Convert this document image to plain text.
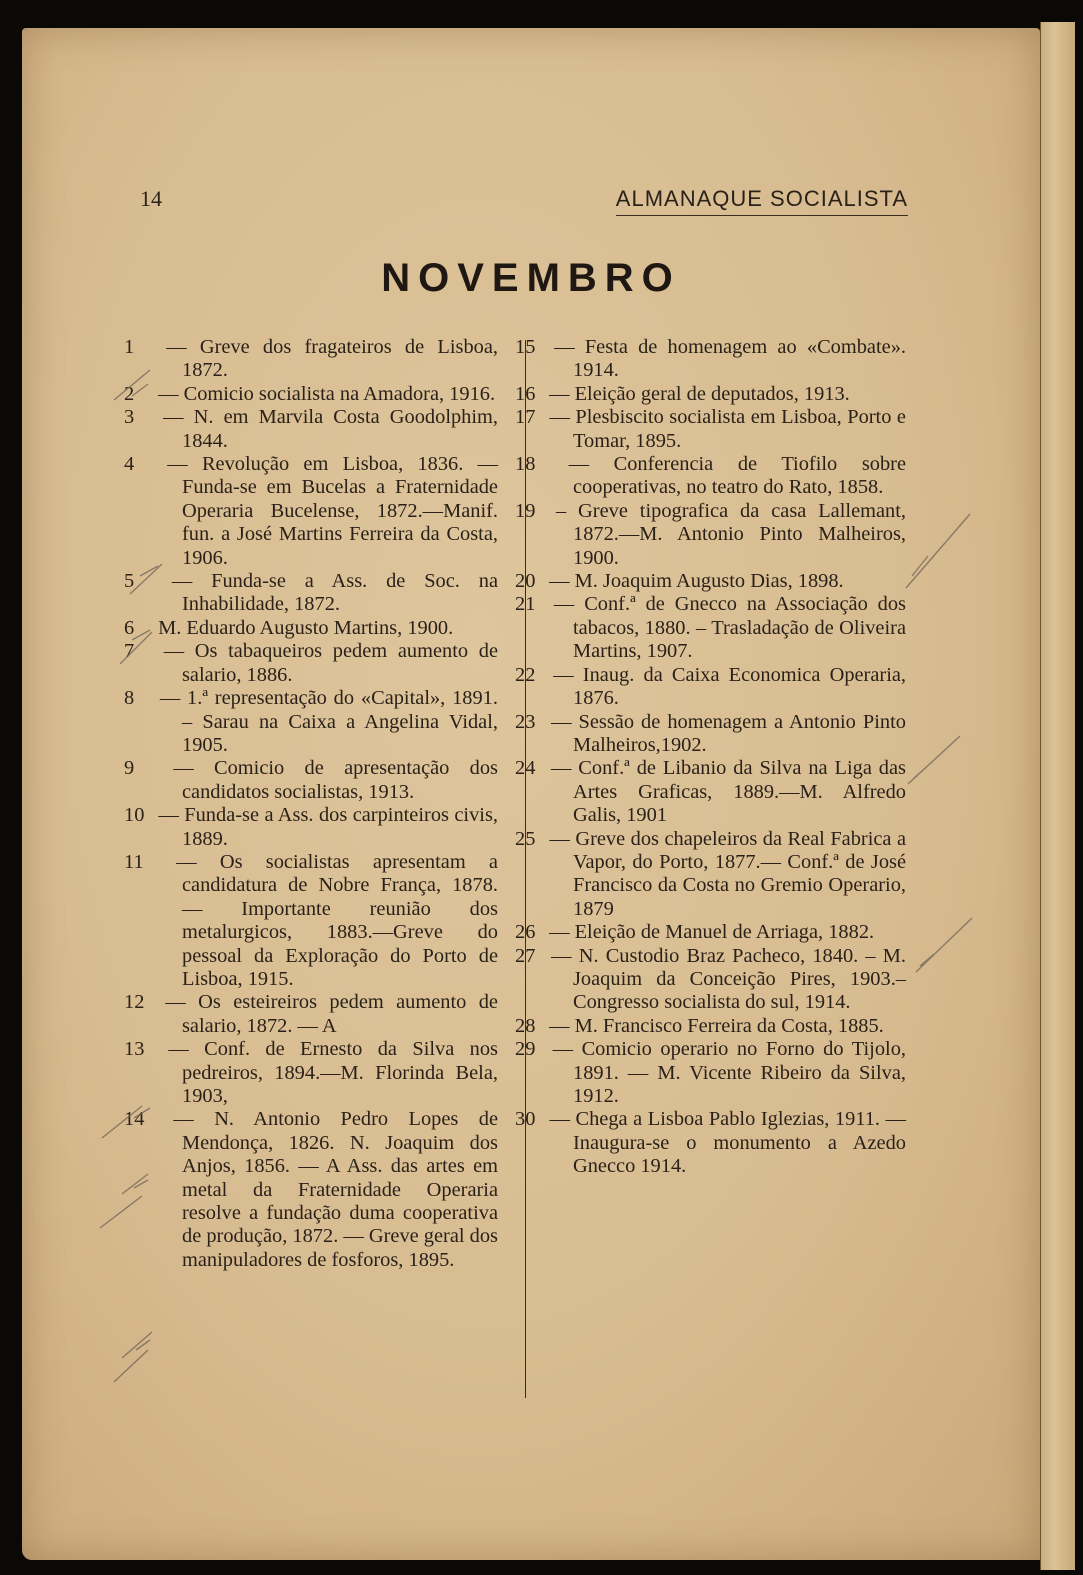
14	ALMANAQUE SOCIALISTA
NOVEMBRO

1 — Greve dos fragateiros de Lisboa, 1872.

2 — Comicio socialista na Amadora, 1916.

3 — N. em Marvila Costa Goodolphim, 1844.

4 — Revolução em Lisboa, 1836. — Funda-se em Bucelas a Fraternidade Operaria Bucelense, 1872.—Manif. fun. a José Martins Ferreira da Costa, 1906.

5 — Funda-se a Ass. de Soc. na Inhabilidade, 1872.

6 M. Eduardo Augusto Martins, 1900.

7 — Os tabaqueiros pedem aumento de salario, 1886.

8 — 1.ª representação do «Capital», 1891. – Sarau na Caixa a Angelina Vidal, 1905.

9 — Comicio de apresentação dos candidatos socialistas, 1913.

10 — Funda-se a Ass. dos carpinteiros civis, 1889.

11 — Os socialistas apresentam a candidatura de Nobre França, 1878. — Importante reunião dos metalurgicos, 1883.—Greve do pessoal da Exploração do Porto de Lisboa, 1915.

12 — Os esteireiros pedem aumento de salario, 1872. — A

13 — Conf. de Ernesto da Silva nos pedreiros, 1894.—M. Florinda Bela, 1903,

14 — N. Antonio Pedro Lopes de Mendonça, 1826. N. Joaquim dos Anjos, 1856. — A Ass. das artes em metal da Fraternidade Operaria resolve a fundação duma cooperativa de produção, 1872. — Greve geral dos manipuladores de fosforos, 1895.

15 — Festa de homenagem ao «Combate». 1914.

16 — Eleição geral de deputados, 1913.

17 — Plesbiscito socialista em Lisboa, Porto e Tomar, 1895.

18 — Conferencia de Tiofilo sobre cooperativas, no teatro do Rato, 1858.

19 – Greve tipografica da casa Lallemant, 1872.—M. Antonio Pinto Malheiros, 1900.

20 — M. Joaquim Augusto Dias, 1898.

21 — Conf.ª de Gnecco na Associação dos tabacos, 1880. – Trasladação de Oliveira Martins, 1907.

22 — Inaug. da Caixa Economica Operaria, 1876.

23 — Sessão de homenagem a Antonio Pinto Malheiros,1902.

24 — Conf.ª de Libanio da Silva na Liga das Artes Graficas, 1889.—M. Alfredo Galis, 1901

25 — Greve dos chapeleiros da Real Fabrica a Vapor, do Porto, 1877.— Conf.ª de José Francisco da Costa no Gremio Operario, 1879

26 — Eleição de Manuel de Arriaga, 1882.

27 — N. Custodio Braz Pacheco, 1840. – M. Joaquim da Conceição Pires, 1903.– Congresso socialista do sul, 1914.

28 — M. Francisco Ferreira da Costa, 1885.

29 — Comicio operario no Forno do Tijolo, 1891. — M. Vicente Ribeiro da Silva, 1912.

30 — Chega a Lisboa Pablo Iglezias, 1911. — Inaugura-se o monumento a Azedo Gnecco 1914.
